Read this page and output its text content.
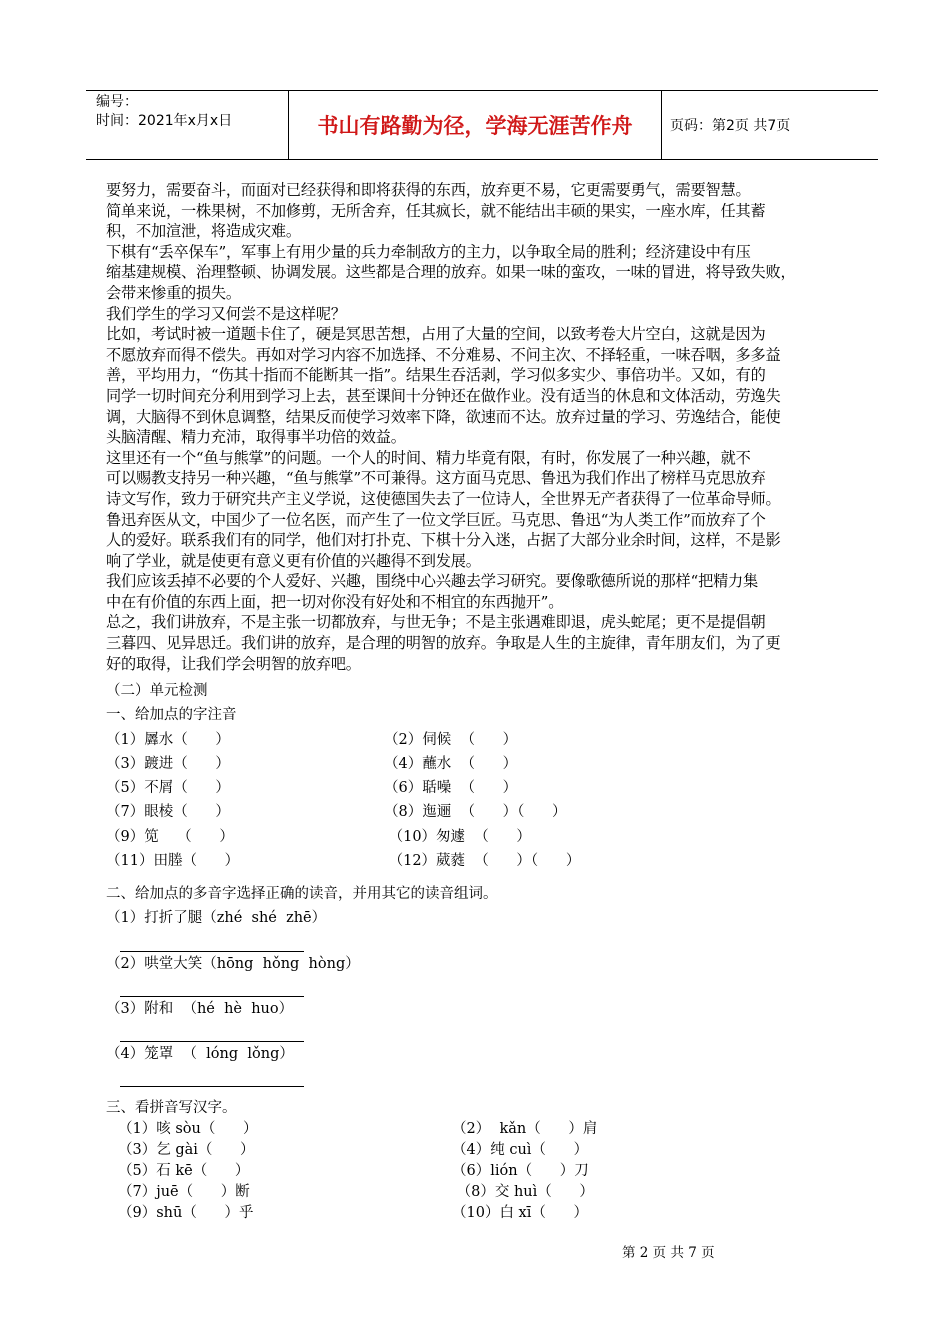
编号：
时间：2021年x月x日	书山有路勤为径，学海无涯苦作舟	页码：第2页 共7页

要努力，需要奋斗，而面对已经获得和即将获得的东西，放弃更不易，它更需要勇气，需要智慧。

简单来说，一株果树，不加修剪，无所舍弃，任其疯长，就不能结出丰硕的果实，一座水库，任其蓄

积，不加渲泄，将造成灾难。

下棋有“丢卒保车”，军事上有用少量的兵力牵制敌方的主力，以争取全局的胜利；经济建设中有压

缩基建规模、治理整顿、协调发展。这些都是合理的放弃。如果一味的蛮攻，一味的冒进，将导致失败，

会带来惨重的损失。

我们学生的学习又何尝不是这样呢？

比如，考试时被一道题卡住了，硬是冥思苦想，占用了大量的空间，以致考卷大片空白，这就是因为

不愿放弃而得不偿失。再如对学习内容不加选择、不分难易、不问主次、不择轻重，一味吞咽，多多益

善，平均用力，“伤其十指而不能断其一指”。结果生吞活剥，学习似多实少、事倍功半。又如，有的

同学一切时间充分利用到学习上去，甚至课间十分钟还在做作业。没有适当的休息和文体活动，劳逸失

调，大脑得不到休息调整，结果反而使学习效率下降，欲速而不达。放弃过量的学习、劳逸结合，能使

头脑清醒、精力充沛，取得事半功倍的效益。

这里还有一个“鱼与熊掌”的问题。一个人的时间、精力毕竟有限，有时，你发展了一种兴趣，就不

可以赐教支持另一种兴趣，“鱼与熊掌”不可兼得。这方面马克思、鲁迅为我们作出了榜样马克思放弃

诗文写作，致力于研究共产主义学说，这使德国失去了一位诗人，全世界无产者获得了一位革命导师。

鲁迅弃医从文，中国少了一位名医，而产生了一位文学巨匠。马克思、鲁迅“为人类工作”而放弃了个

人的爱好。联系我们有的同学，他们对打扑克、下棋十分入迷，占据了大部分业余时间，这样，不是影

响了学业，就是使更有意义更有价值的兴趣得不到发展。

我们应该丢掉不必要的个人爱好、兴趣，围绕中心兴趣去学习研究。要像歌德所说的那样“把精力集

中在有价值的东西上面，把一切对你没有好处和不相宜的东西抛开”。

总之，我们讲放弃，不是主张一切都放弃，与世无争；不是主张遇难即退，虎头蛇尾；更不是提倡朝

三暮四、见异思迁。我们讲的放弃，是合理的明智的放弃。争取是人生的主旋律，青年朋友们，为了更

好的取得，让我们学会明智的放弃吧。

（二）单元检测
一、给加点的字注音
（1）羼水（      ）	（2）伺候  （      ）
（3）踱进（      ）	（4）蘸水  （      ）
（5）不屑（      ）	（6）聒噪  （      ）
（7）眼棱（      ）	（8）迤逦  （      ）（      ）
（9）笕    （      ）	（10）匆遽  （      ）
（11）田塍（      ）	（12）葳蕤  （      ）（      ）

二、给加点的多音字选择正确的读音，并用其它的读音组词。

（1）打折了腿（zhé  shé  zhē）

（2）哄堂大笑（hōng  hǒng  hòng）

（3）附和  （hé  hè  huo）

（4）笼罩  （  lóng  lǒng）

三、看拼音写汉字。
（1）咳 sòu（      ）	（2）  kǎn（      ）肩
（3）乞 gài（      ）	（4）纯 cuì（      ）
（5）石 kē（      ）	（6）lión（      ）刀
（7）juē（      ）断	（8）交 huì（      ）
（9）shū（      ）乎	（10）白 xī（      ）
第 2 页 共 7 页
